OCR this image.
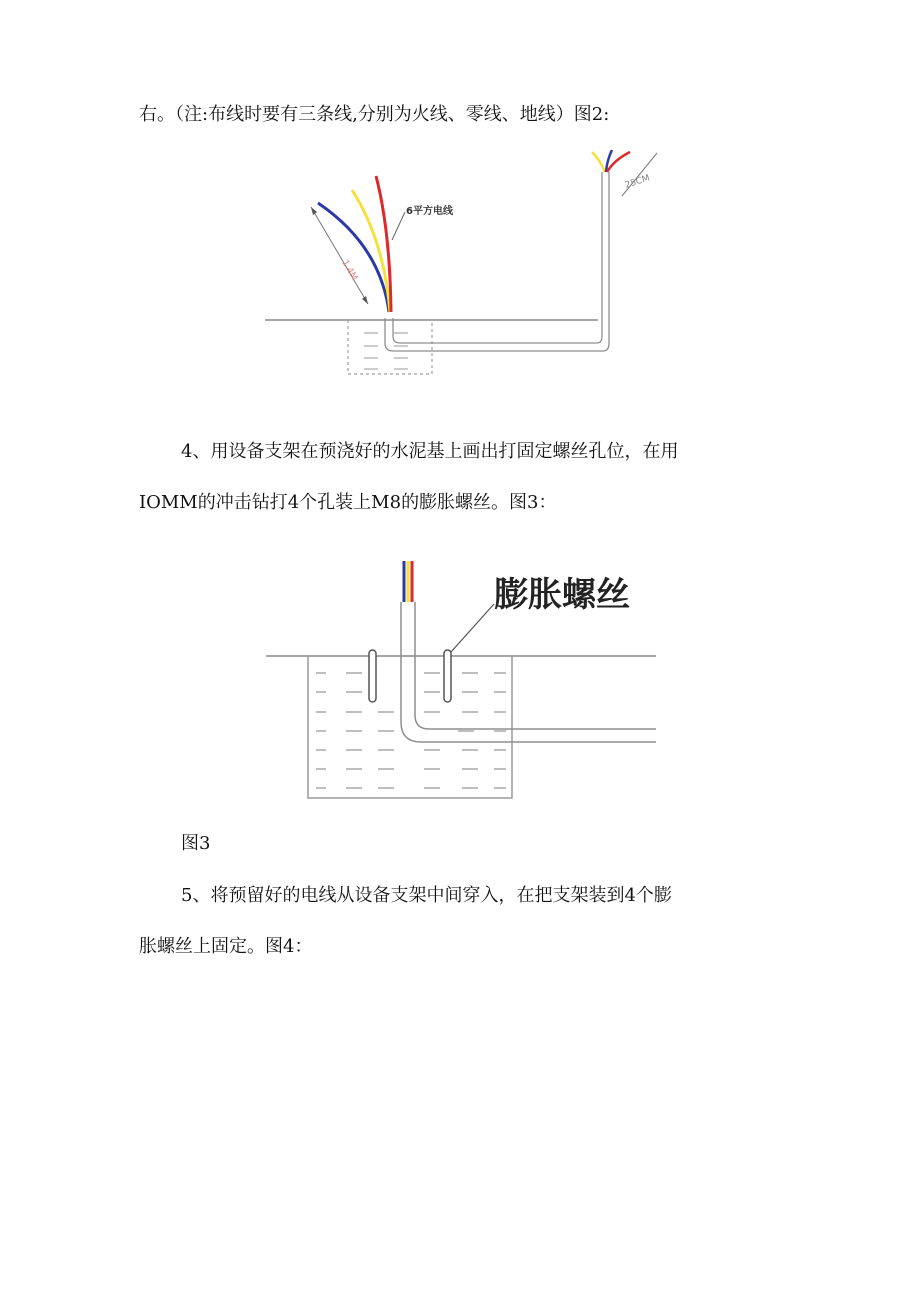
右。（注:布线时要有三条线,分别为火线、零线、地线）图2:
1.4M
6平方电线
25CM
4、用设备支架在预浇好的水泥基上画出打固定螺丝孔位，在用
IOMM的冲击钻打4个孔装上M8的膨胀螺丝。图3：
膨胀螺丝
图3
5、将预留好的电线从设备支架中间穿入，在把支架装到4个膨
胀螺丝上固定。图4：
